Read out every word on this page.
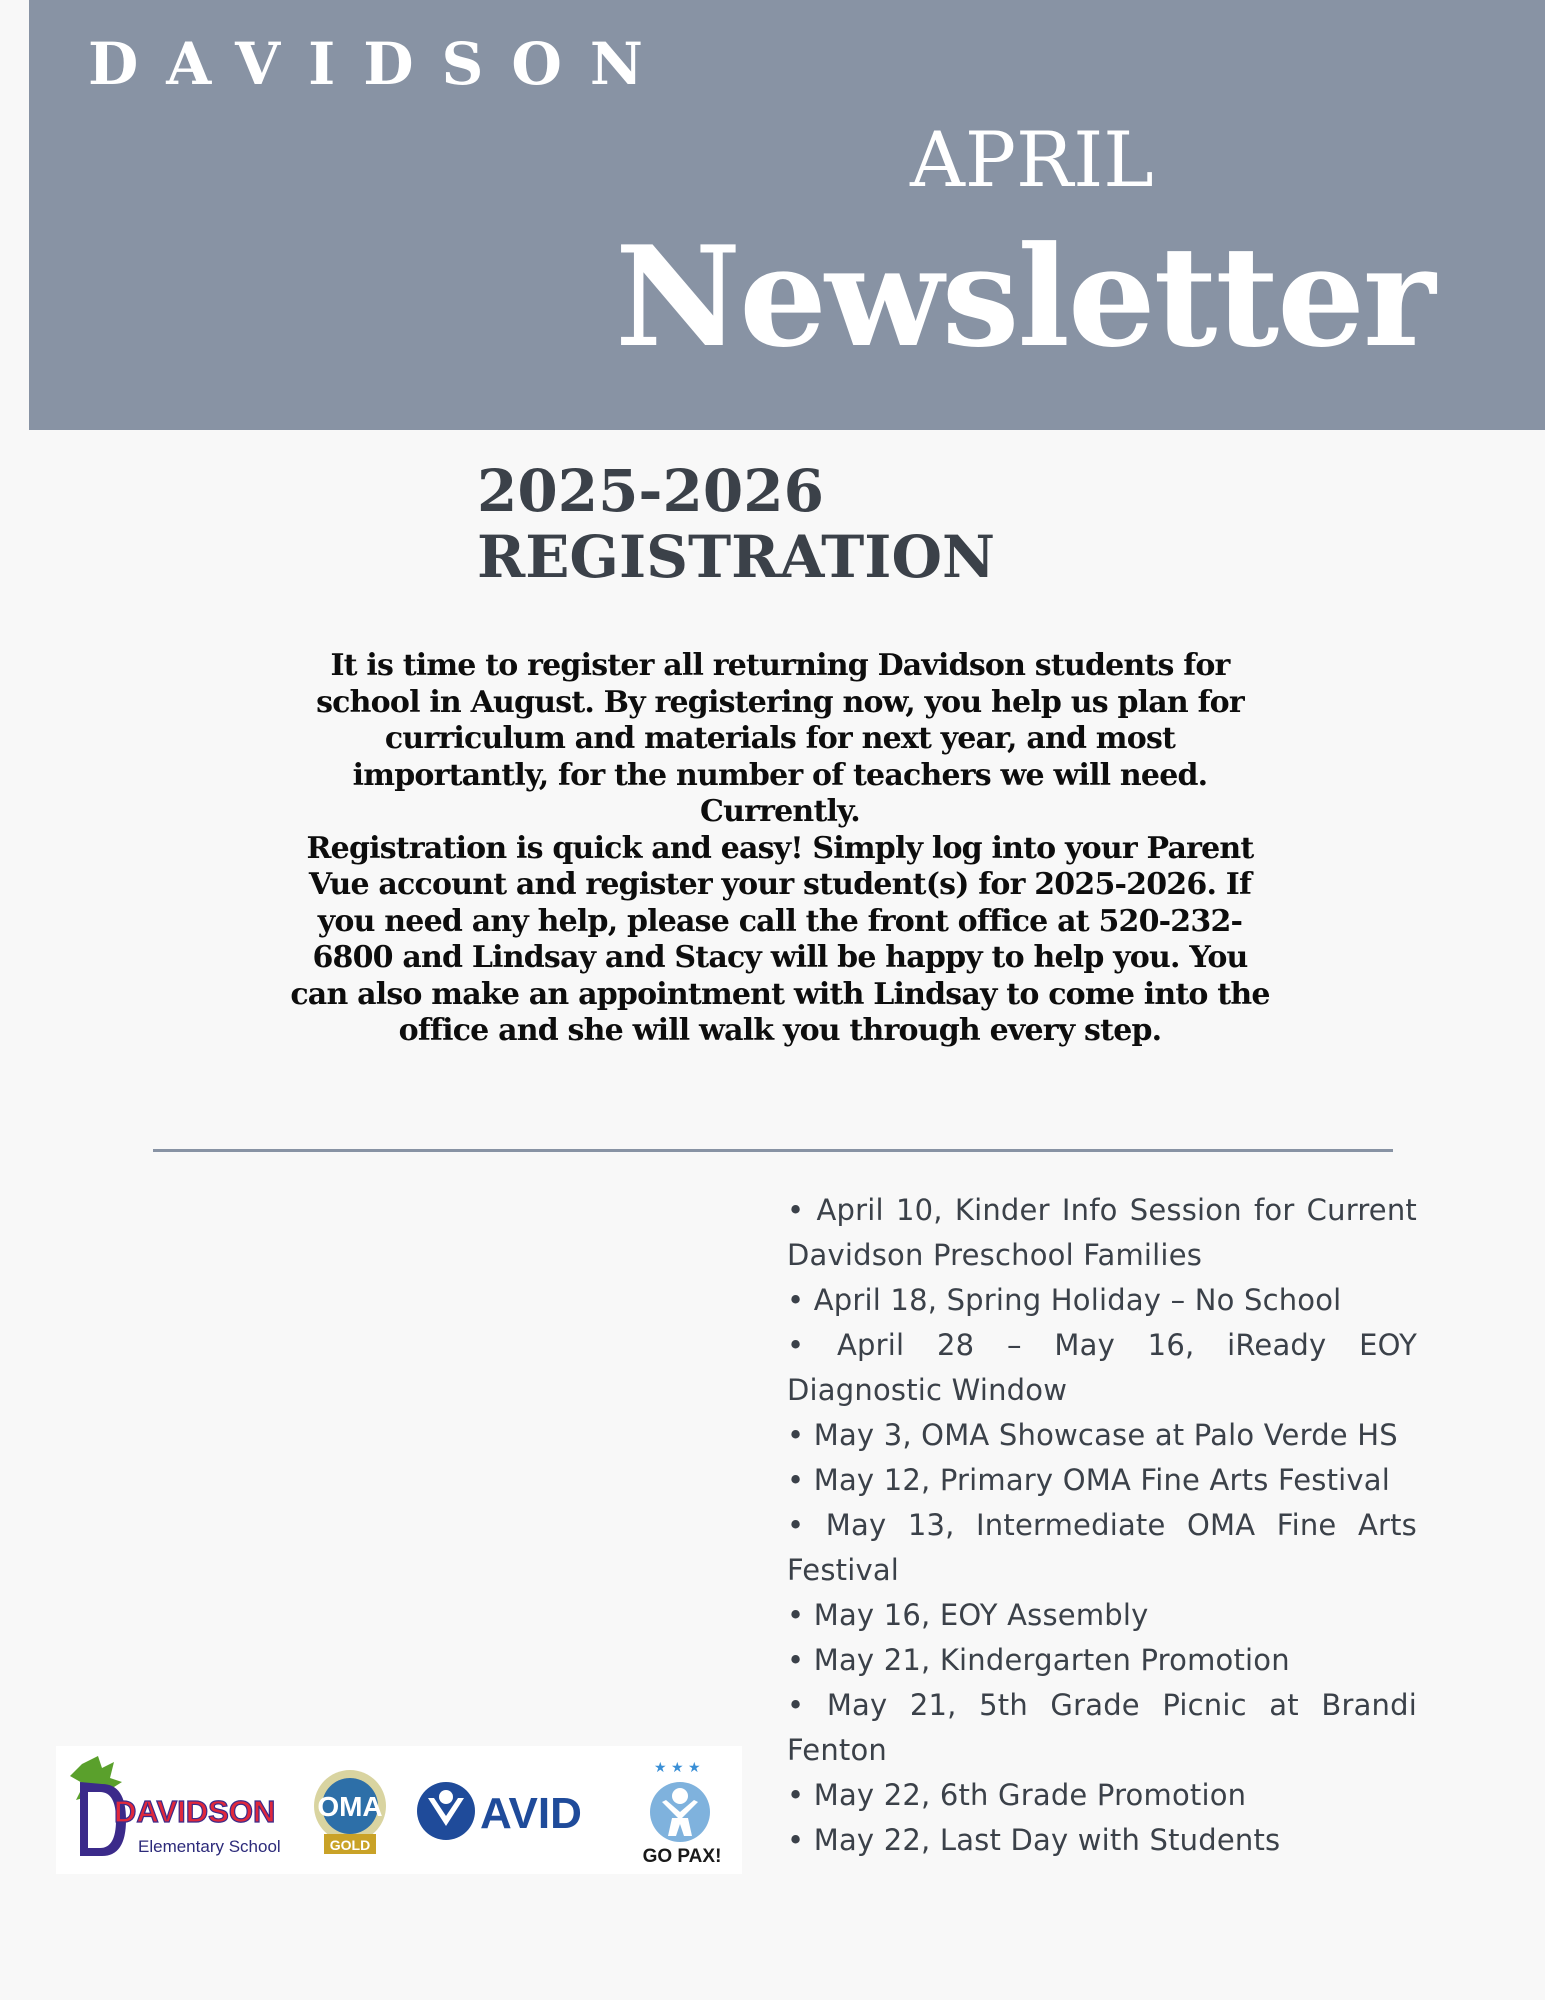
DAVIDSON
APRIL
Newsletter
2025-2026
REGISTRATION

It is time to register all returning Davidson students for school in August. By registering now, you help us plan for curriculum and materials for next year, and most importantly, for the number of teachers we will need. Currently.

Registration is quick and easy! Simply log into your Parent Vue account and register your student(s) for 2025-2026. If you need any help, please call the front office at 520-232-6800 and Lindsay and Stacy will be happy to help you. You can also make an appointment with Lindsay to come into the office and she will walk you through every step.

• April 10, Kinder Info Session for Current Davidson Preschool Families
• April 18, Spring Holiday – No School
• April 28 – May 16, iReady EOY Diagnostic Window
• May 3, OMA Showcase at Palo Verde HS
• May 12, Primary OMA Fine Arts Festival
• May 13, Intermediate OMA Fine Arts Festival
• May 16, EOY Assembly
• May 21, Kindergarten Promotion
• May 21, 5th Grade Picnic at Brandi Fenton
• May 22, 6th Grade Promotion
• May 22, Last Day with Students
DAVIDSON
Elementary School
OMA
GOLD
AVID
★ ★ ★
GO PAX!
